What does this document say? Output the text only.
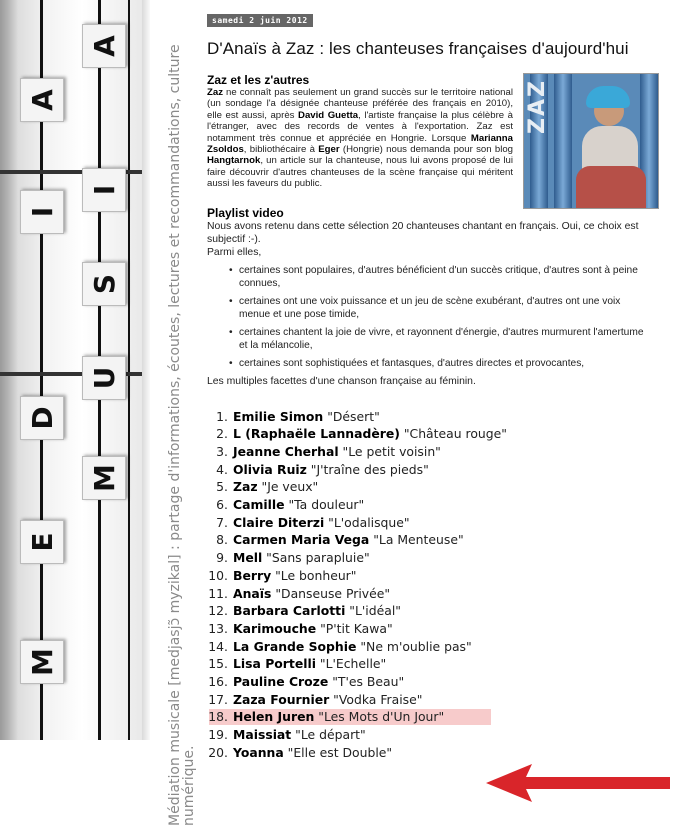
A
I
D
E
M
M
U
S
I
A	Médiation musicale [medjasjɔ̃ myzikal] : partage d'informations, écoutes, lectures et recommandations, culture
numérique.
samedi 2 juin 2012
D'Anaïs à Zaz : les chanteuses françaises d'aujourd'hui
Zaz et les z'autres
Zaz ne connaît pas seulement un grand succès sur le territoire national (un sondage l'a désignée chanteuse préférée des français en 2010), elle est aussi, après David Guetta, l'artiste française la plus célèbre à l'étranger, avec des records de ventes à l'exportation. Zaz est notamment très connue et appréciée en Hongrie. Lorsque Marianna Zsoldos, bibliothécaire à Eger (Hongrie) nous demanda pour son blog Hangtarnok, un article sur la chanteuse, nous lui avons proposé de lui faire découvrir d'autres chanteuses de la scène française qui méritent aussi les faveurs du public.
ZAZ
Playlist video

Nous avons retenu dans cette sélection 20 chanteuses chantant en français. Oui, ce choix est subjectif :-).

Parmi elles,

• certaines sont populaires, d'autres bénéficient d'un succès critique, d'autres sont à peine connues,
• certaines ont une voix puissance et un jeu de scène exubérant, d'autres ont une voix menue et une pose timide,
• certaines chantent la joie de vivre, et rayonnent d'énergie, d'autres murmurent l'amertume et la mélancolie,
• certaines sont sophistiquées et fantasques, d'autres directes et provocantes,

Les multiples facettes d'une chanson française au féminin.

1. Emilie Simon "Désert"
2. L (Raphaële Lannadère) "Château rouge"
3. Jeanne Cherhal "Le petit voisin"
4. Olivia Ruiz "J'traîne des pieds"
5. Zaz "Je veux"
6. Camille "Ta douleur"
7. Claire Diterzi "L'odalisque"
8. Carmen Maria Vega "La Menteuse"
9. Mell "Sans parapluie"
10. Berry "Le bonheur"
11. Anaïs "Danseuse Privée"
12. Barbara Carlotti "L'idéal"
13. Karimouche "P'tit Kawa"
14. La Grande Sophie "Ne m'oublie pas"
15. Lisa Portelli "L'Echelle"
16. Pauline Croze "T'es Beau"
17. Zaza Fournier "Vodka Fraise"
18. Helen Juren "Les Mots d'Un Jour"
19. Maissiat "Le départ"
20. Yoanna "Elle est Double"
